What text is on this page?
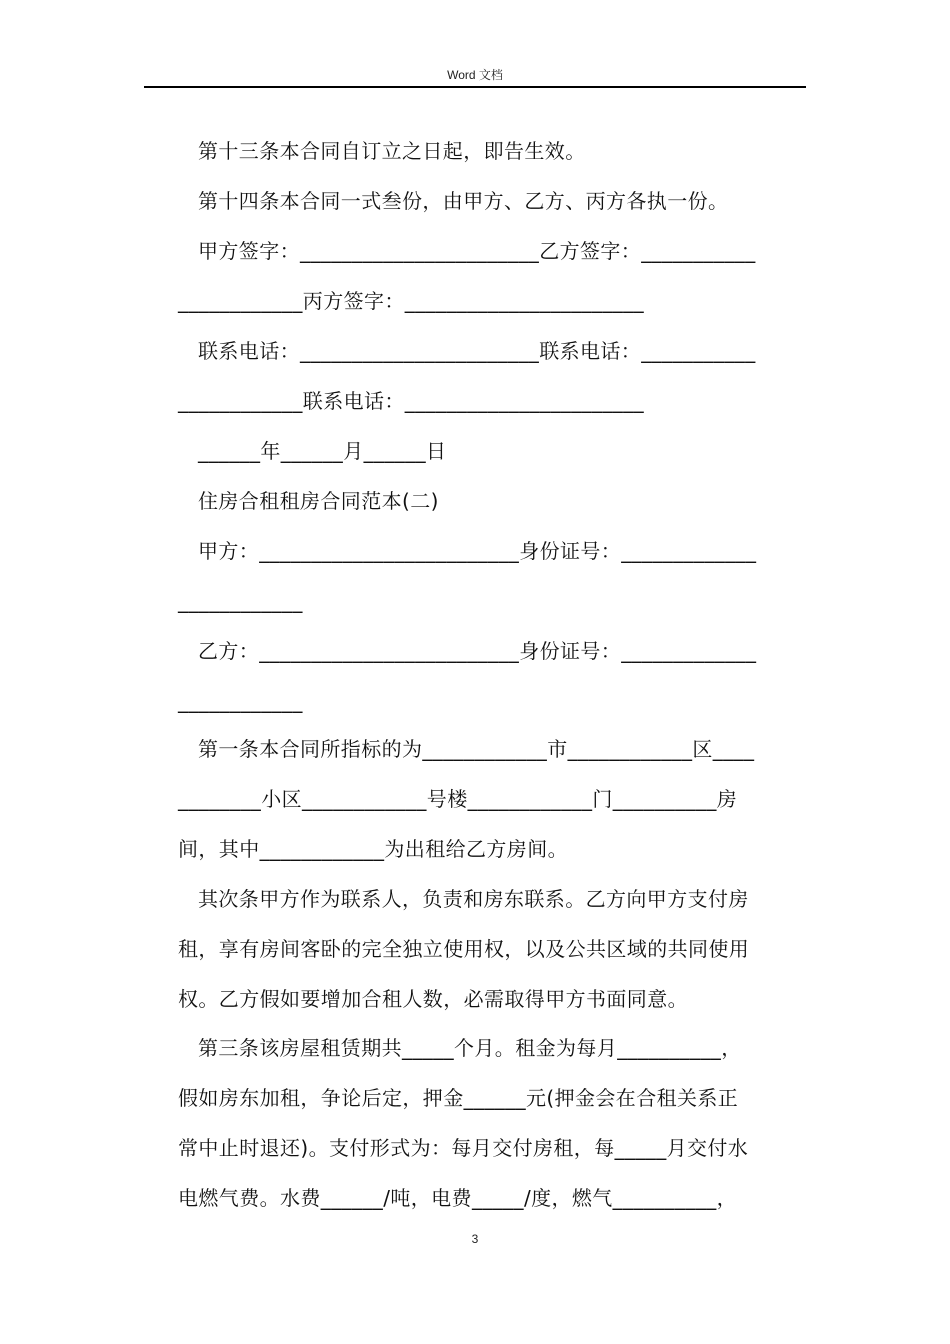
Word 文档
第十三条本合同自订立之日起，即告生效。
第十四条本合同一式叁份，由甲方、乙方、丙方各执一份。
甲方签字：_______________________乙方签字：___________
____________丙方签字：_______________________
联系电话：_______________________联系电话：___________
____________联系电话：_______________________
______年______月______日
住房合租租房合同范本(二)
甲方：_________________________身份证号：_____________
____________
乙方：_________________________身份证号：_____________
____________
第一条本合同所指标的为____________市____________区____
________小区____________号楼____________门__________房
间，其中____________为出租给乙方房间。
其次条甲方作为联系人，负责和房东联系。乙方向甲方支付房
租，享有房间客卧的完全独立使用权，以及公共区域的共同使用
权。乙方假如要增加合租人数，必需取得甲方书面同意。
第三条该房屋租赁期共_____个月。租金为每月__________，
假如房东加租，争论后定，押金______元(押金会在合租关系正
常中止时退还)。支付形式为：每月交付房租，每_____月交付水
电燃气费。水费______/吨，电费_____/度，燃气__________，
3
